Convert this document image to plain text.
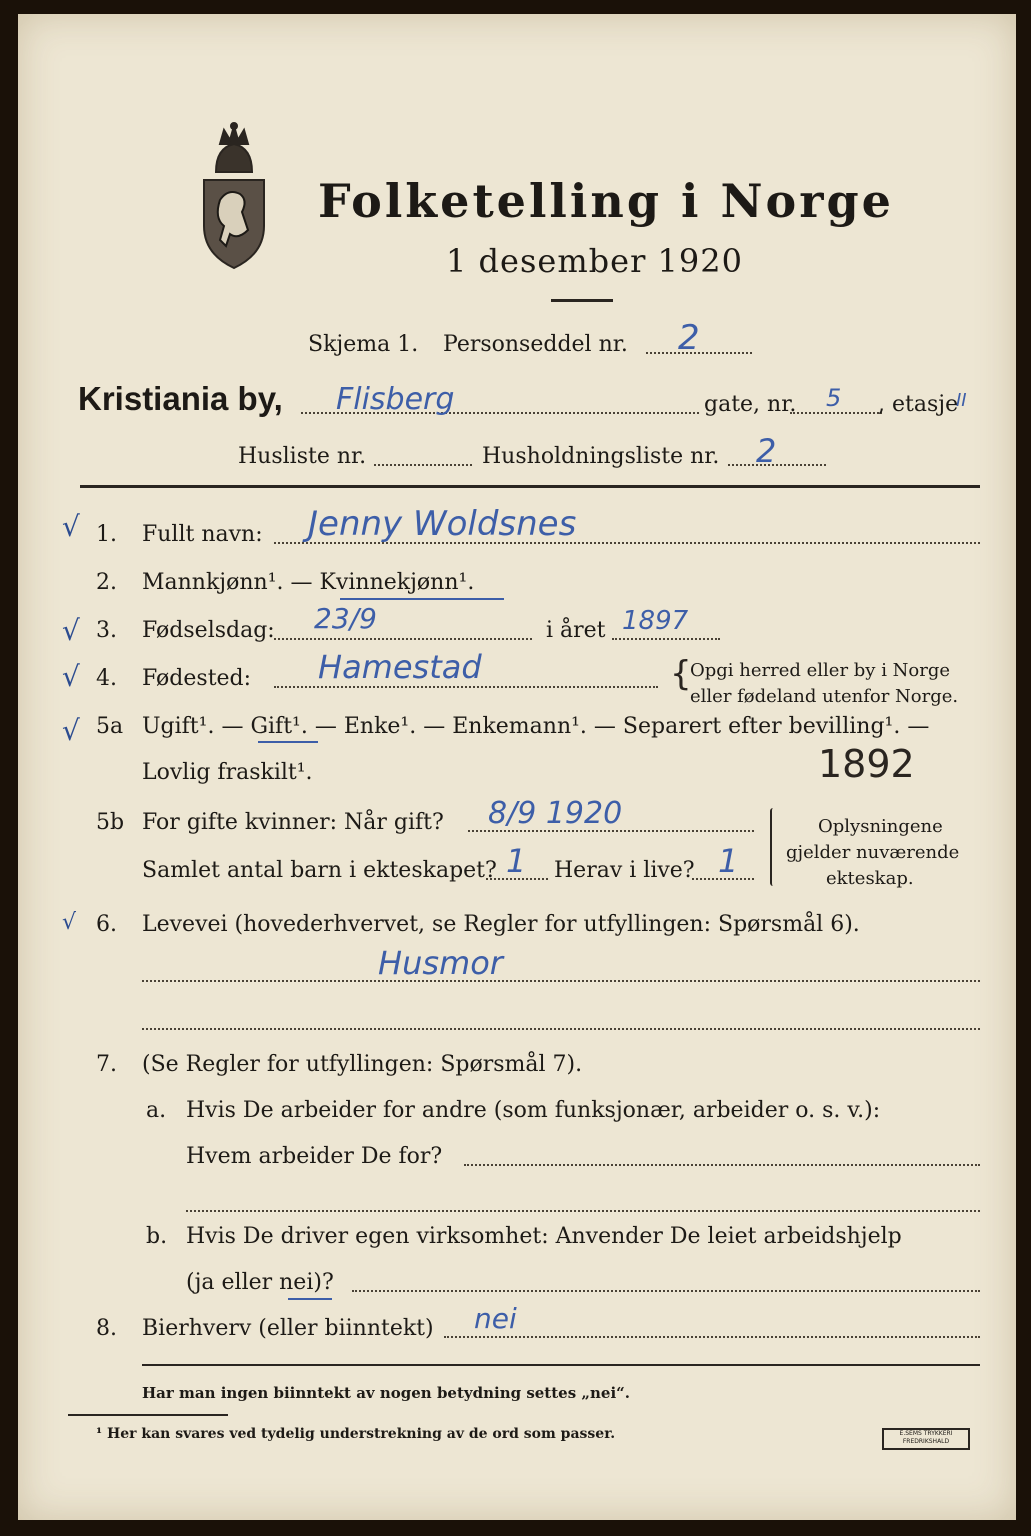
Folketelling i Norge
1 desember 1920
Skjema 1. Personseddel nr. 2
Kristiania by, Flisberg	gate, nr. 5 , etasje
II
Husliste nr.	Husholdningsliste nr. 2
√
√
√
√
√
1. Fullt navn: Jenny Woldsnes
2. Mannkjønn¹. — Kvinnekjønn¹.
3. Fødselsdag: 23/9	i året 1897
4. Fødested: Hamestad	{
Opgi herred eller by i Norge
eller fødeland utenfor Norge.
5a Ugift¹. — Gift¹. — Enke¹. — Enkemann¹. — Separert efter bevilling¹. —
Lovlig fraskilt¹.	1892
5b For gifte kvinner: Når gift? 8/9 1920
Samlet antal barn i ekteskapet? 1 Herav i live? 1
Oplysningene
gjelder nuværende
ekteskap.
6. Levevei (hovederhvervet, se Regler for utfyllingen: Spørsmål 6).
Husmor
7. (Se Regler for utfyllingen: Spørsmål 7).
a. Hvis De arbeider for andre (som funksjonær, arbeider o. s. v.):
Hvem arbeider De for?
b. Hvis De driver egen virksomhet: Anvender De leiet arbeidshjelp
(ja eller nei)?
8. Bierhverv (eller biinntekt) nei
Har man ingen biinntekt av nogen betydning settes „nei“.
¹ Her kan svares ved tydelig understrekning av de ord som passer.	E.SEMS TRYKKERI FREDRIKSHALD
